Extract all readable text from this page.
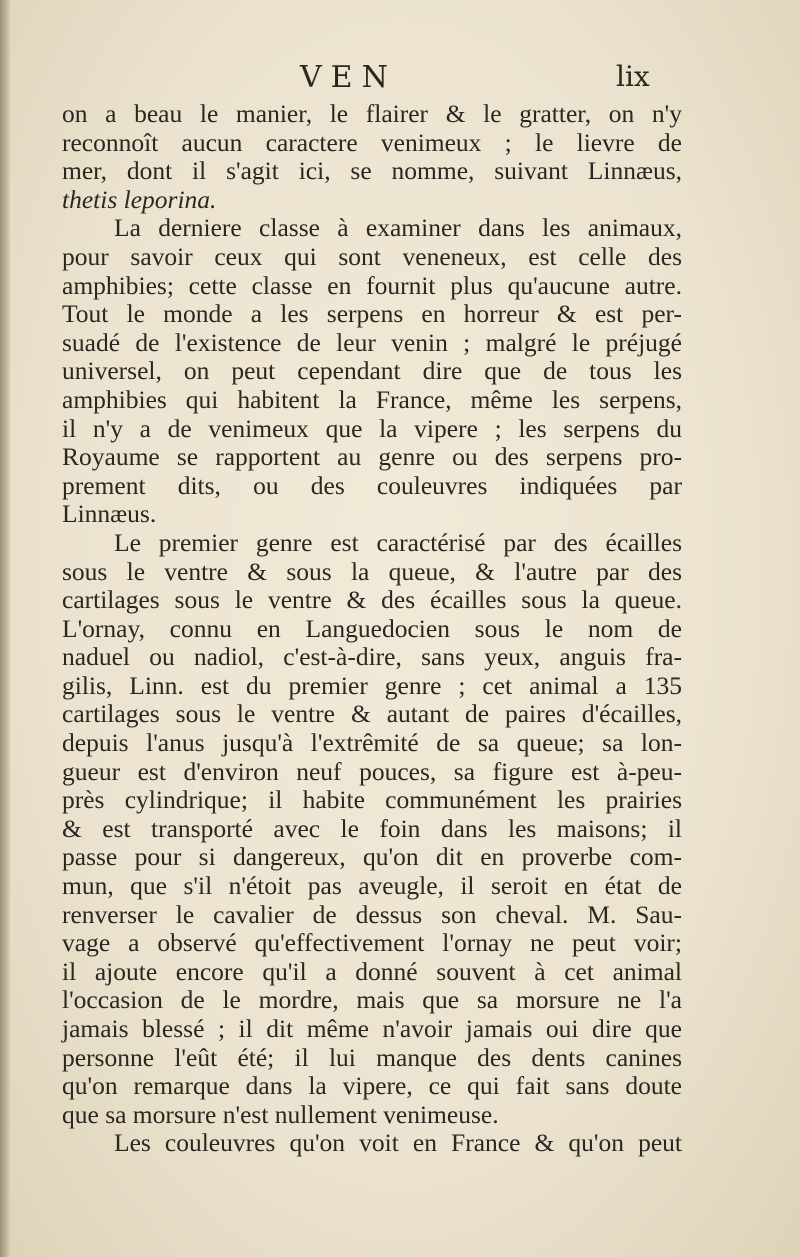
VEN	lix
on a beau le manier, le flairer & le gratter, on n'y
reconnoît aucun caractere venimeux ; le lievre de
mer, dont il s'agit ici, se nomme, suivant Linnæus,
thetis leporina.
La derniere classe à examiner dans les animaux,
pour savoir ceux qui sont veneneux, est celle des
amphibies; cette classe en fournit plus qu'aucune autre.
Tout le monde a les serpens en horreur & est per-
suadé de l'existence de leur venin ; malgré le préjugé
universel, on peut cependant dire que de tous les
amphibies qui habitent la France, même les serpens,
il n'y a de venimeux que la vipere ; les serpens du
Royaume se rapportent au genre ou des serpens pro-
prement dits, ou des couleuvres indiquées par
Linnæus.
Le premier genre est caractérisé par des écailles
sous le ventre & sous la queue, & l'autre par des
cartilages sous le ventre & des écailles sous la queue.
L'ornay, connu en Languedocien sous le nom de
naduel ou nadiol, c'est-à-dire, sans yeux, anguis fra-
gilis, Linn. est du premier genre ; cet animal a 135
cartilages sous le ventre & autant de paires d'écailles,
depuis l'anus jusqu'à l'extrêmité de sa queue; sa lon-
gueur est d'environ neuf pouces, sa figure est à-peu-
près cylindrique; il habite communément les prairies
& est transporté avec le foin dans les maisons; il
passe pour si dangereux, qu'on dit en proverbe com-
mun, que s'il n'étoit pas aveugle, il seroit en état de
renverser le cavalier de dessus son cheval. M. Sau-
vage a observé qu'effectivement l'ornay ne peut voir;
il ajoute encore qu'il a donné souvent à cet animal
l'occasion de le mordre, mais que sa morsure ne l'a
jamais blessé ; il dit même n'avoir jamais oui dire que
personne l'eût été; il lui manque des dents canines
qu'on remarque dans la vipere, ce qui fait sans doute
que sa morsure n'est nullement venimeuse.
Les couleuvres qu'on voit en France & qu'on peut
